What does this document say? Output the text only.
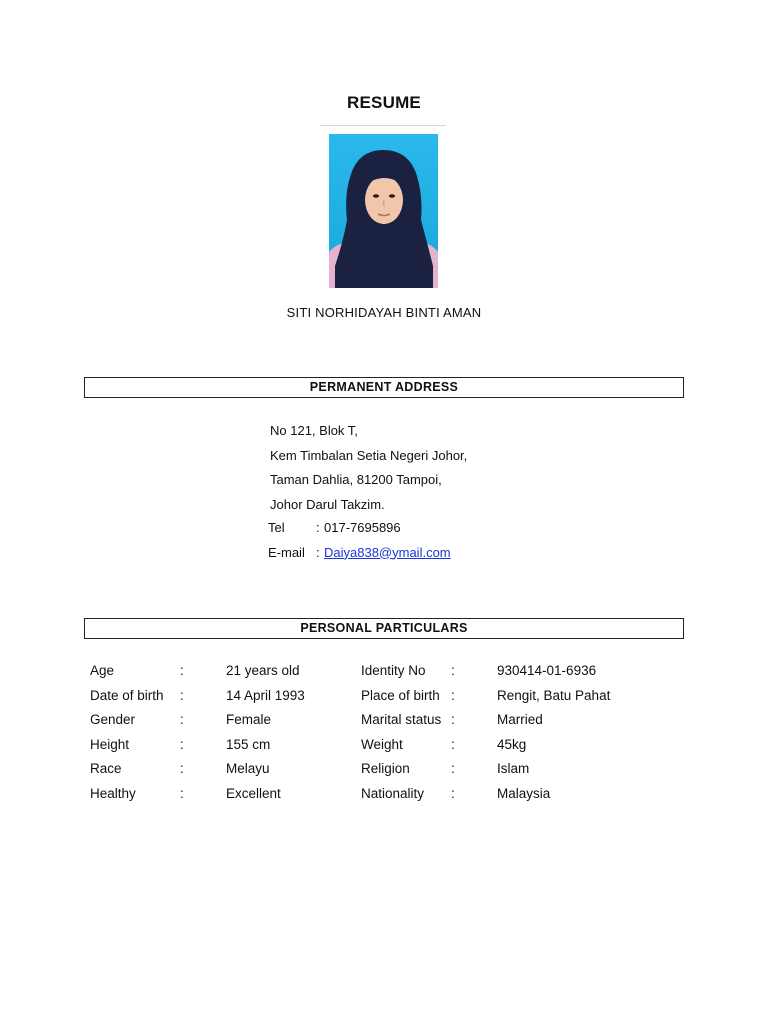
RESUME
SITI NORHIDAYAH BINTI AMAN
PERMANENT ADDRESS
No 121, Blok T,
Kem Timbalan Setia Negeri Johor,
Taman Dahlia, 81200 Tampoi,
Johor Darul Takzim.
Tel : 017-7695896
E-mail : Daiya838@ymail.com
PERSONAL PARTICULARS
Age	:	21 years old	Identity No :	930414-01-6936
Date of birth :	14 April 1993	Place of birth :	Rengit, Batu Pahat
Gender	:	Female	Marital status :	Married
Height	:	155 cm	Weight	:	45kg
Race	:	Melayu	Religion	:	Islam
Healthy	:	Excellent	Nationality :	Malaysia
